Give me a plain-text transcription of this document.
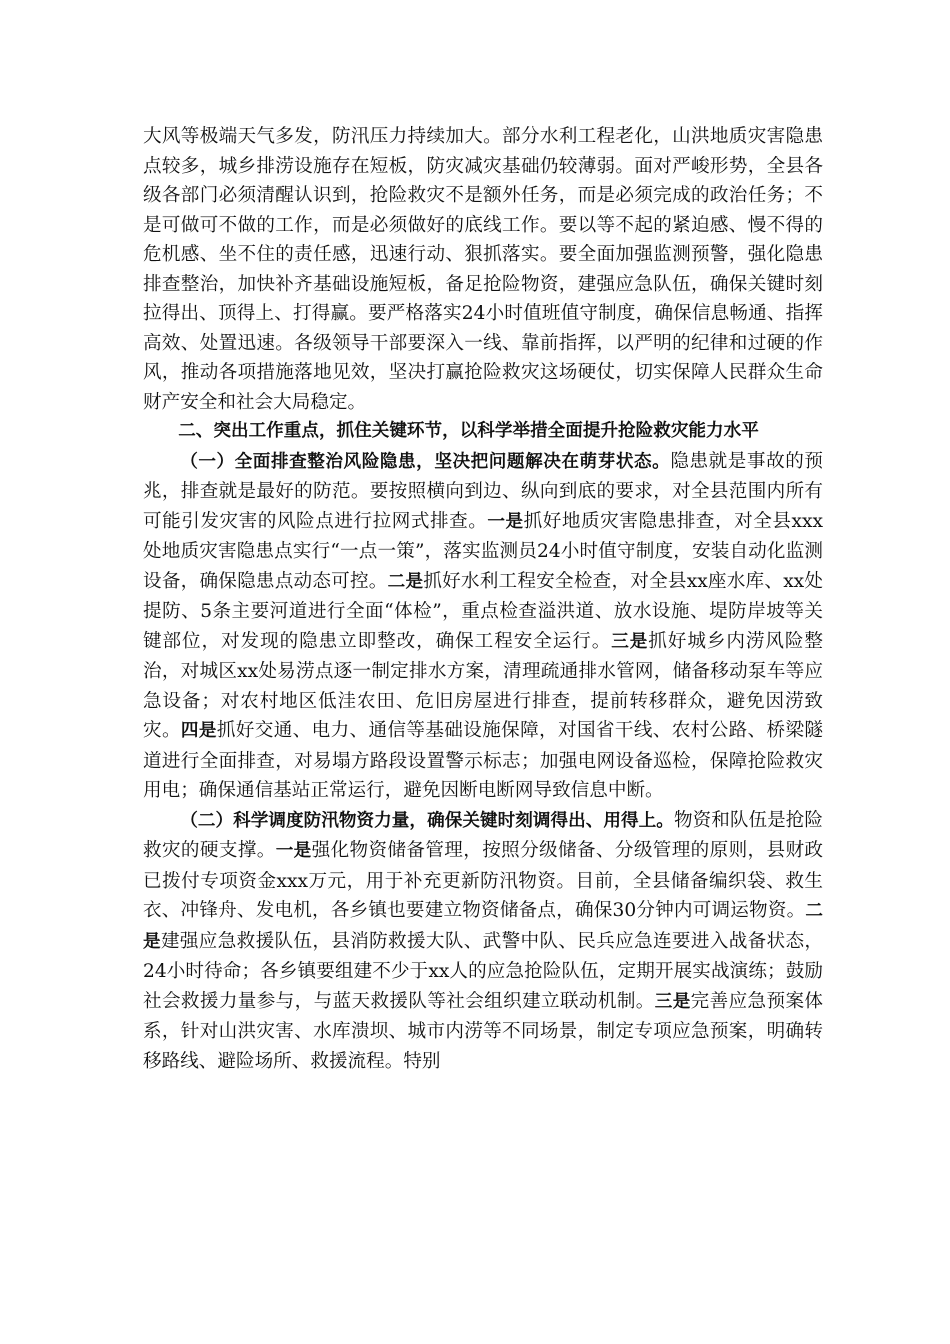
大风等极端天气多发，防汛压力持续加大。部分水利工程老化，山洪地质灾害隐患点较多，城乡排涝设施存在短板，防灾减灾基础仍较薄弱。面对严峻形势，全县各级各部门必须清醒认识到，抢险救灾不是额外任务，而是必须完成的政治任务；不是可做可不做的工作，而是必须做好的底线工作。要以等不起的紧迫感、慢不得的危机感、坐不住的责任感，迅速行动、狠抓落实。要全面加强监测预警，强化隐患排查整治，加快补齐基础设施短板，备足抢险物资，建强应急队伍，确保关键时刻拉得出、顶得上、打得赢。要严格落实24小时值班值守制度，确保信息畅通、指挥高效、处置迅速。各级领导干部要深入一线、靠前指挥，以严明的纪律和过硬的作风，推动各项措施落地见效，坚决打赢抢险救灾这场硬仗，切实保障人民群众生命财产安全和社会大局稳定。

二、突出工作重点，抓住关键环节，以科学举措全面提升抢险救灾能力水平

（一）全面排查整治风险隐患，坚决把问题解决在萌芽状态。隐患就是事故的预兆，排查就是最好的防范。要按照横向到边、纵向到底的要求，对全县范围内所有可能引发灾害的风险点进行拉网式排查。一是抓好地质灾害隐患排查，对全县xxx处地质灾害隐患点实行“一点一策”，落实监测员24小时值守制度，安装自动化监测设备，确保隐患点动态可控。二是抓好水利工程安全检查，对全县xx座水库、xx处提防、5条主要河道进行全面“体检”，重点检查溢洪道、放水设施、堤防岸坡等关键部位，对发现的隐患立即整改，确保工程安全运行。三是抓好城乡内涝风险整治，对城区xx处易涝点逐一制定排水方案，清理疏通排水管网，储备移动泵车等应急设备；对农村地区低洼农田、危旧房屋进行排查，提前转移群众，避免因涝致灾。四是抓好交通、电力、通信等基础设施保障，对国省干线、农村公路、桥梁隧道进行全面排查，对易塌方路段设置警示标志；加强电网设备巡检，保障抢险救灾用电；确保通信基站正常运行，避免因断电断网导致信息中断。

（二）科学调度防汛物资力量，确保关键时刻调得出、用得上。物资和队伍是抢险救灾的硬支撑。一是强化物资储备管理，按照分级储备、分级管理的原则，县财政已拨付专项资金xxx万元，用于补充更新防汛物资。目前，全县储备编织袋、救生衣、冲锋舟、发电机，各乡镇也要建立物资储备点，确保30分钟内可调运物资。二是建强应急救援队伍，县消防救援大队、武警中队、民兵应急连要进入战备状态，24小时待命；各乡镇要组建不少于xx人的应急抢险队伍，定期开展实战演练；鼓励社会救援力量参与，与蓝天救援队等社会组织建立联动机制。三是完善应急预案体系，针对山洪灾害、水库溃坝、城市内涝等不同场景，制定专项应急预案，明确转移路线、避险场所、救援流程。特别
